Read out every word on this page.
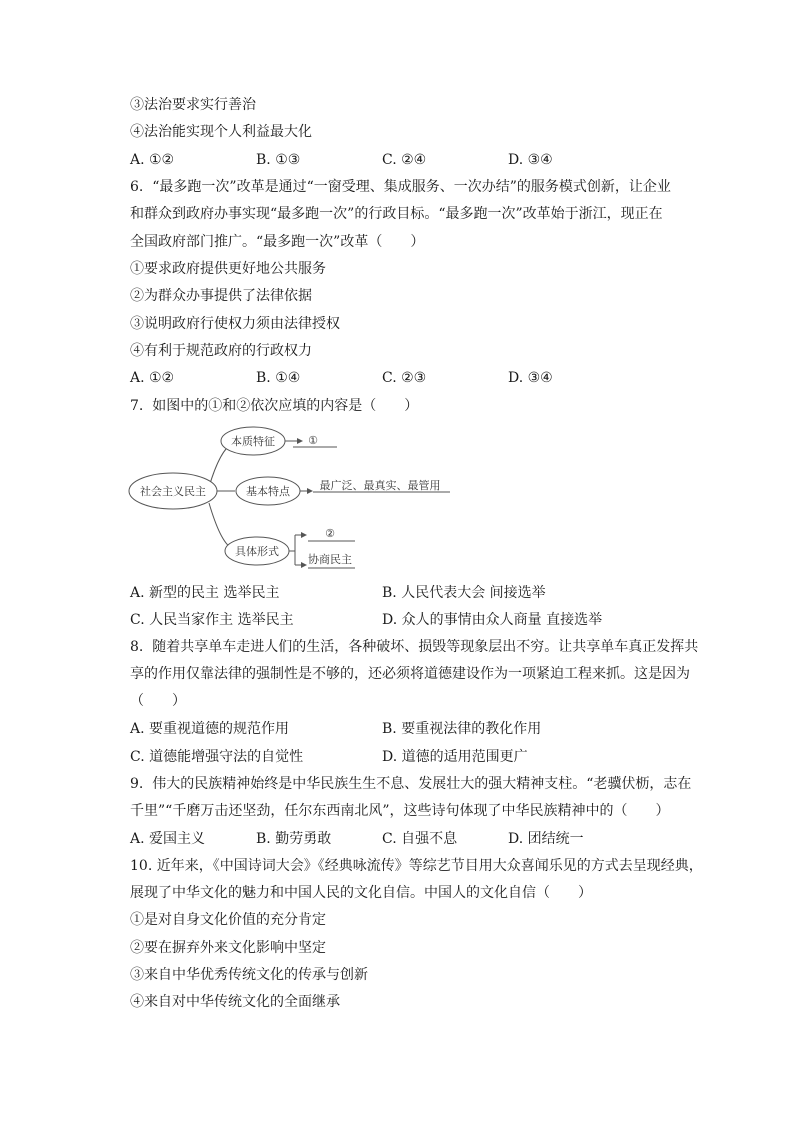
③法治要求实行善治
④法治能实现个人利益最大化
A. ①②	B. ①③	C. ②④	D. ③④
6.  “最多跑一次”改革是通过“一窗受理、集成服务、一次办结”的服务模式创新，让企业
和群众到政府办事实现“最多跑一次”的行政目标。“最多跑一次”改革始于浙江，现正在
全国政府部门推广。“最多跑一次”改革（　　）
①要求政府提供更好地公共服务
②为群众办事提供了法律依据
③说明政府行使权力须由法律授权
④有利于规范政府的行政权力
A. ①②	B. ①④	C. ②③	D. ③④
7.  如图中的①和②依次应填的内容是（　　）
社会主义民主
本质特征	①
基本特点	最广泛、最真实、最管用
具体形式
②
协商民主
A. 新型的民主 选举民主	B. 人民代表大会 间接选举
C. 人民当家作主 选举民主	D. 众人的事情由众人商量 直接选举
8.  随着共享单车走进人们的生活，各种破坏、损毁等现象层出不穷。让共享单车真正发挥共
享的作用仅靠法律的强制性是不够的，还必须将道德建设作为一项紧迫工程来抓。这是因为
（　　）
A. 要重视道德的规范作用	B. 要重视法律的教化作用
C. 道德能增强守法的自觉性	D. 道德的适用范围更广
9.  伟大的民族精神始终是中华民族生生不息、发展壮大的强大精神支柱。“老骥伏枥，志在
千里”“千磨万击还坚劲，任尔东西南北风”，这些诗句体现了中华民族精神中的（　　）
A. 爱国主义	B. 勤劳勇敢	C. 自强不息	D. 团结统一
10. 近年来，《中国诗词大会》《经典咏流传》等综艺节目用大众喜闻乐见的方式去呈现经典，
展现了中华文化的魅力和中国人民的文化自信。中国人的文化自信（　　）
①是对自身文化价值的充分肯定
②要在摒弃外来文化影响中坚定
③来自中华优秀传统文化的传承与创新
④来自对中华传统文化的全面继承
